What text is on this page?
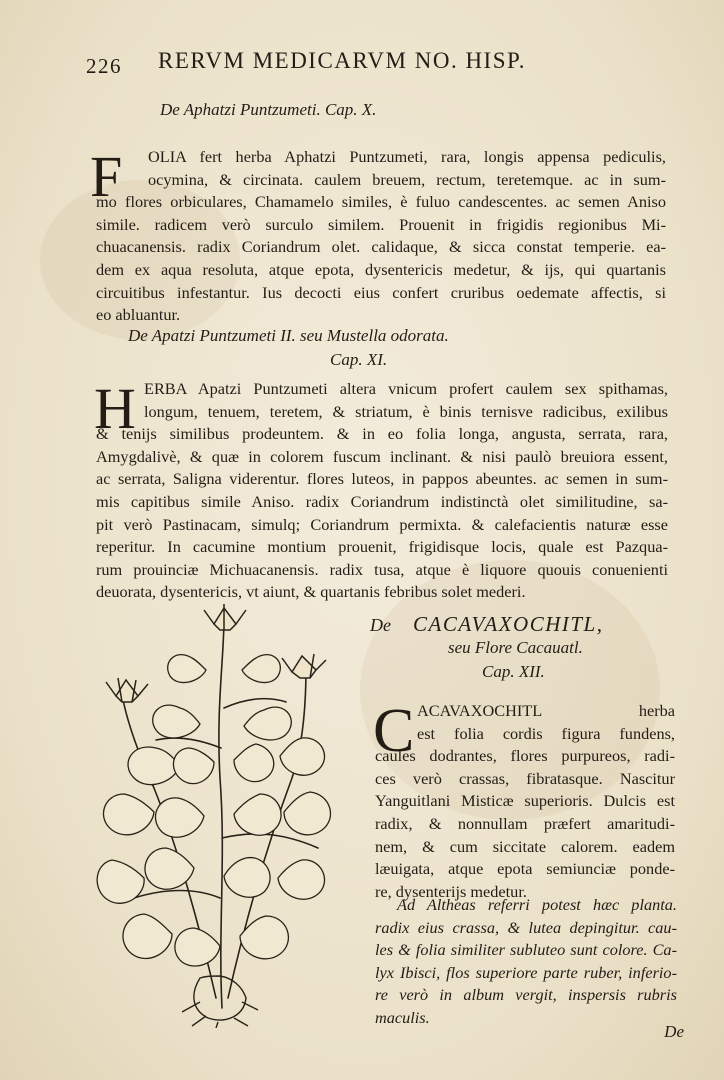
226 RERVM MEDICARVM NO. HISP.
De Aphatzi Puntzumeti. Cap. X.
F	OLIA fert herba Aphatzi Puntzumeti, rara, longis appensa pediculis,
ocymina, & circinata. caulem breuem, rectum, teretemque. ac in sum-
mo flores orbiculares, Chamamelo similes, è fuluo candescentes. ac semen Aniso
simile. radicem verò surculo similem. Prouenit in frigidis regionibus Mi-
chuacanensis. radix Coriandrum olet. calidaque, & sicca constat temperie. ea-
dem ex aqua resoluta, atque epota, dysentericis medetur, & ijs, qui quartanis
circuitibus infestantur. Ius decocti eius confert cruribus oedemate affectis, si
eo abluantur.
De Apatzi Puntzumeti II. seu Mustella odorata.
Cap. XI.
H ERBA Apatzi Puntzumeti altera vnicum profert caulem sex spithamas,
longum, tenuem, teretem, & striatum, è binis ternisve radicibus, exilibus
& tenijs similibus prodeuntem. & in eo folia longa, angusta, serrata, rara,
Amygdalivè, & quæ in colorem fuscum inclinant. & nisi paulò breuiora essent,
ac serrata, Saligna viderentur. flores luteos, in pappos abeuntes. ac semen in sum-
mis capitibus simile Aniso. radix Coriandrum indistinctà olet similitudine, sa-
pit verò Pastinacam, simulq; Coriandrum permixta. & calefacientis naturæ esse
reperitur. In cacumine montium prouenit, frigidisque locis, quale est Pazqua-
rum prouinciæ Michuacanensis. radix tusa, atque è liquore quouis conuenienti
deuorata, dysentericis, vt aiunt, & quartanis febribus solet mederi.
De CACAVAXOCHITL,
seu Flore Cacauatl.
Cap. XII.
C ACAVAXOCHITL herba
est folia cordis figura fundens,
caules dodrantes, flores purpureos, radi-
ces verò crassas, fibratasque. Nascitur
Yanguitlani Misticæ superioris. Dulcis est
radix, & nonnullam præfert amaritudi-
nem, & cum siccitate calorem. eadem
læuigata, atque epota semiunciæ ponde-
re, dysenterijs medetur.
Ad Altheas referri potest hæc planta.
radix eius crassa, & lutea depingitur. cau-
les & folia similiter subluteo sunt colore. Ca-
lyx Ibisci, flos superiore parte ruber, inferio-
re verò in album vergit, inspersis rubris
maculis.
De
